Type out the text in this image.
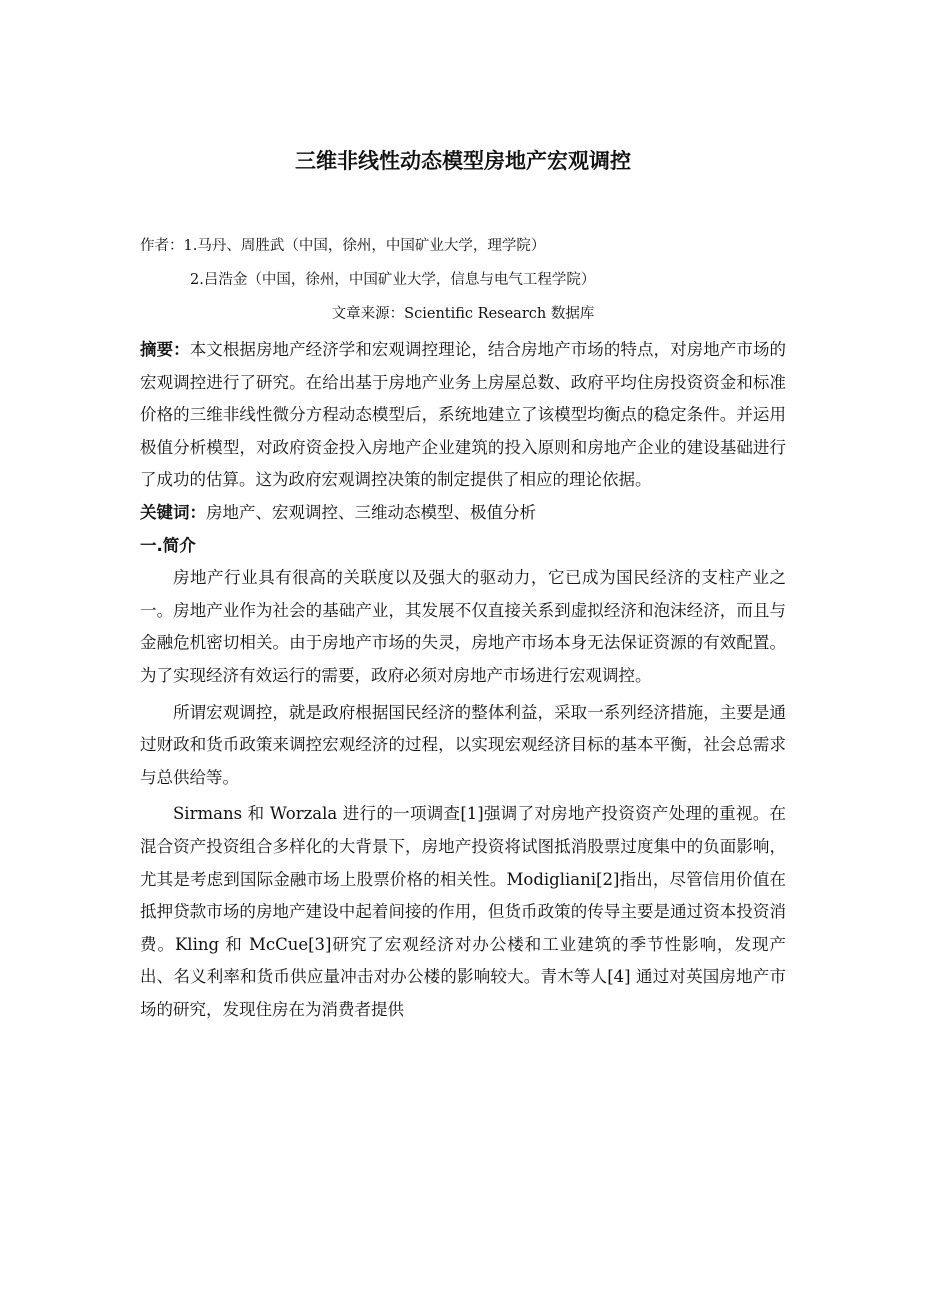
三维非线性动态模型房地产宏观调控
作者：1.马丹、周胜武（中国，徐州，中国矿业大学，理学院）
2.吕浩金（中国，徐州，中国矿业大学，信息与电气工程学院）
文章来源：Scientific Research 数据库

摘要：本文根据房地产经济学和宏观调控理论，结合房地产市场的特点，对房地产市场的宏观调控进行了研究。在给出基于房地产业务上房屋总数、政府平均住房投资资金和标准价格的三维非线性微分方程动态模型后，系统地建立了该模型均衡点的稳定条件。并运用极值分析模型，对政府资金投入房地产企业建筑的投入原则和房地产企业的建设基础进行了成功的估算。这为政府宏观调控决策的制定提供了相应的理论依据。

关键词：房地产、宏观调控、三维动态模型、极值分析

一.简介

房地产行业具有很高的关联度以及强大的驱动力，它已成为国民经济的支柱产业之一。房地产业作为社会的基础产业，其发展不仅直接关系到虚拟经济和泡沫经济，而且与金融危机密切相关。由于房地产市场的失灵，房地产市场本身无法保证资源的有效配置。为了实现经济有效运行的需要，政府必须对房地产市场进行宏观调控。

所谓宏观调控，就是政府根据国民经济的整体利益，采取一系列经济措施，主要是通过财政和货币政策来调控宏观经济的过程，以实现宏观经济目标的基本平衡，社会总需求与总供给等。

Sirmans 和 Worzala 进行的一项调查[1]强调了对房地产投资资产处理的重视。在混合资产投资组合多样化的大背景下，房地产投资将试图抵消股票过度集中的负面影响，尤其是考虑到国际金融市场上股票价格的相关性。Modigliani[2]指出，尽管信用价值在抵押贷款市场的房地产建设中起着间接的作用，但货币政策的传导主要是通过资本投资消费。Kling 和 McCue[3]研究了宏观经济对办公楼和工业建筑的季节性影响，发现产出、名义利率和货币供应量冲击对办公楼的影响较大。青木等人[4] 通过对英国房地产市场的研究，发现住房在为消费者提供
